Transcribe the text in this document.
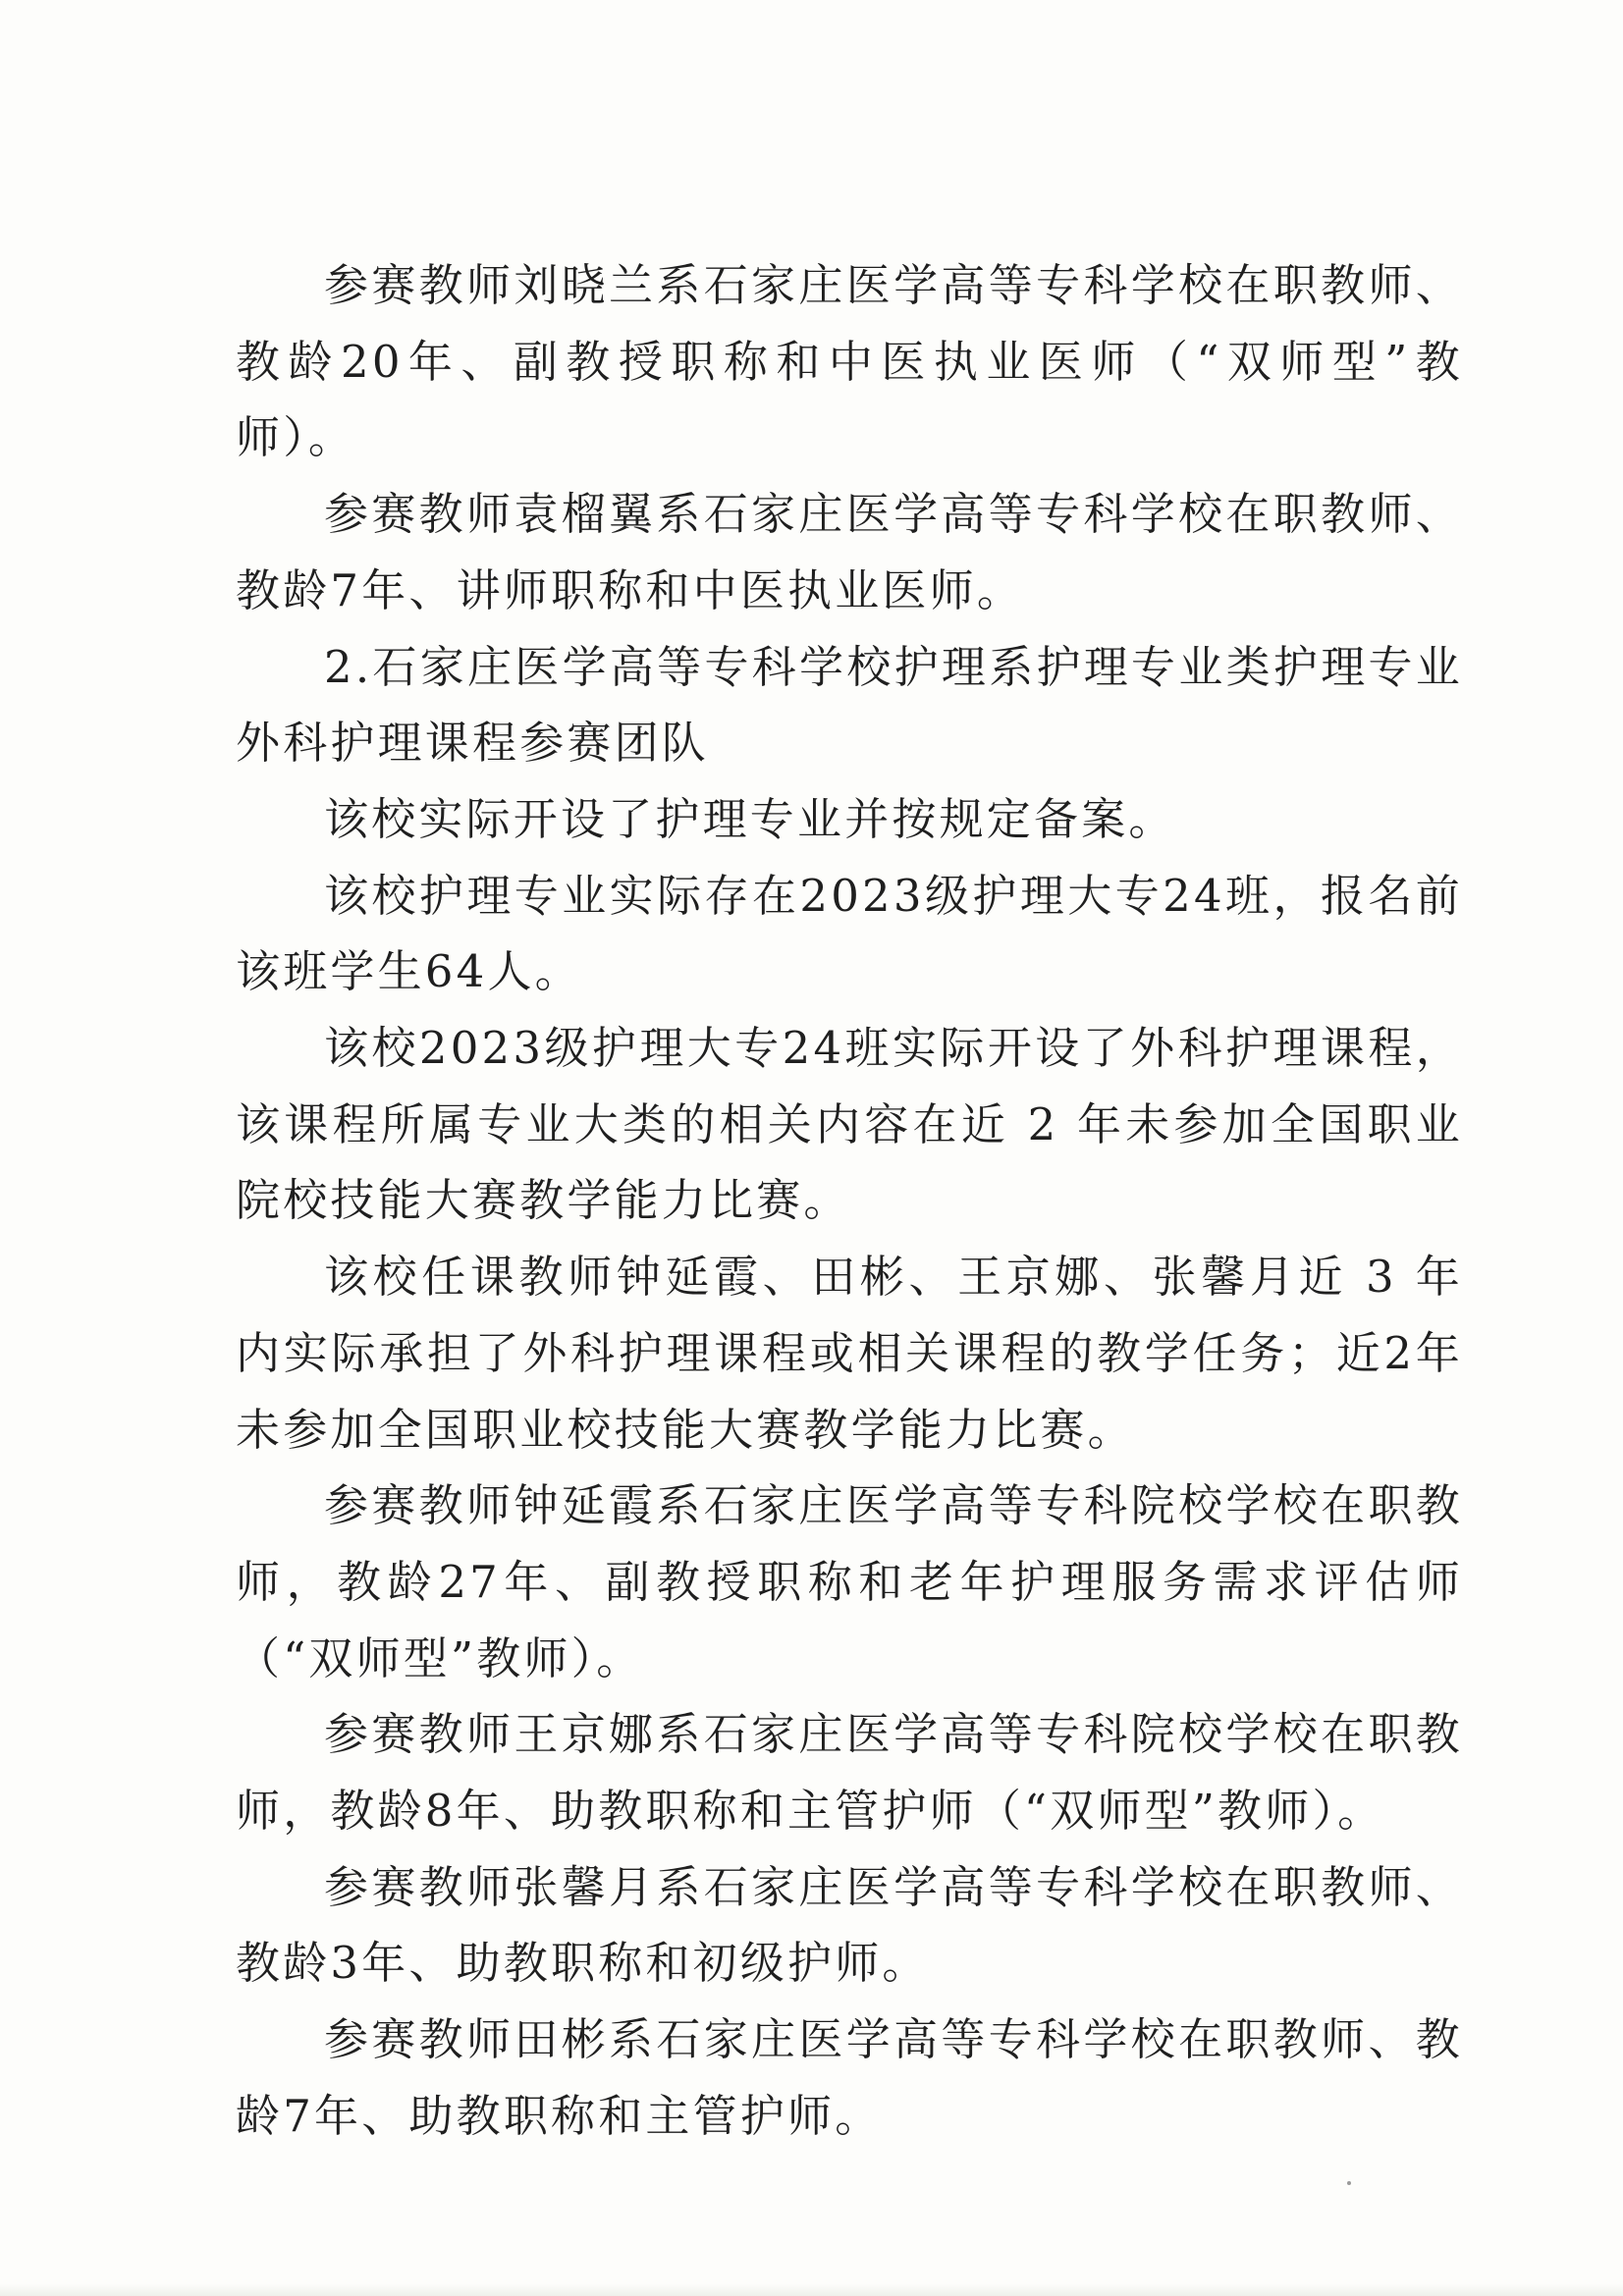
参赛教师刘晓兰系石家庄医学高等专科学校在职教师、教龄20年、副教授职称和中医执业医师（“双师型”教师）。

参赛教师袁榴翼系石家庄医学高等专科学校在职教师、教龄7年、讲师职称和中医执业医师。

2.石家庄医学高等专科学校护理系护理专业类护理专业外科护理课程参赛团队

该校实际开设了护理专业并按规定备案。

该校护理专业实际存在2023级护理大专24班，报名前该班学生64人。

该校2023级护理大专24班实际开设了外科护理课程，该课程所属专业大类的相关内容在近 2 年未参加全国职业院校技能大赛教学能力比赛。

该校任课教师钟延霞、田彬、王京娜、张馨月近 3 年内实际承担了外科护理课程或相关课程的教学任务；近2年未参加全国职业校技能大赛教学能力比赛。

参赛教师钟延霞系石家庄医学高等专科院校学校在职教师，教龄27年、副教授职称和老年护理服务需求评估师（“双师型”教师）。

参赛教师王京娜系石家庄医学高等专科院校学校在职教师，教龄8年、助教职称和主管护师（“双师型”教师）。

参赛教师张馨月系石家庄医学高等专科学校在职教师、教龄3年、助教职称和初级护师。

参赛教师田彬系石家庄医学高等专科学校在职教师、教龄7年、助教职称和主管护师。
